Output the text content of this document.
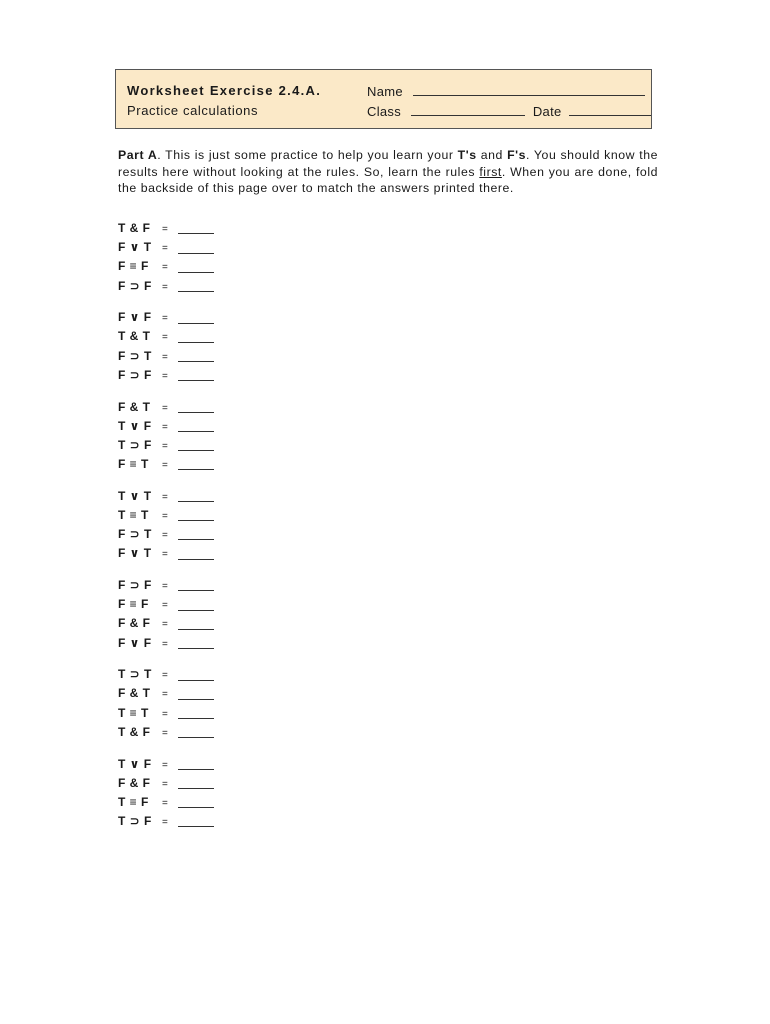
Worksheet Exercise 2.4.A.
Practice calculations
Name
Class	Date
Part A. This is just some practice to help you learn your T's and F's. You should know the results here without looking at the rules. So, learn the rules first. When you are done, fold the backside of this page over to match the answers printed there.
T & F =
F ∨ T =
F ≡ F =
F ⊃ F =
F ∨ F =
T & T =
F ⊃ T =
F ⊃ F =
F & T =
T ∨ F =
T ⊃ F =
F ≡ T =
T ∨ T =
T ≡ T =
F ⊃ T =
F ∨ T =
F ⊃ F =
F ≡ F =
F & F =
F ∨ F =
T ⊃ T =
F & T =
T ≡ T =
T & F =
T ∨ F =
F & F =
T ≡ F =
T ⊃ F =
